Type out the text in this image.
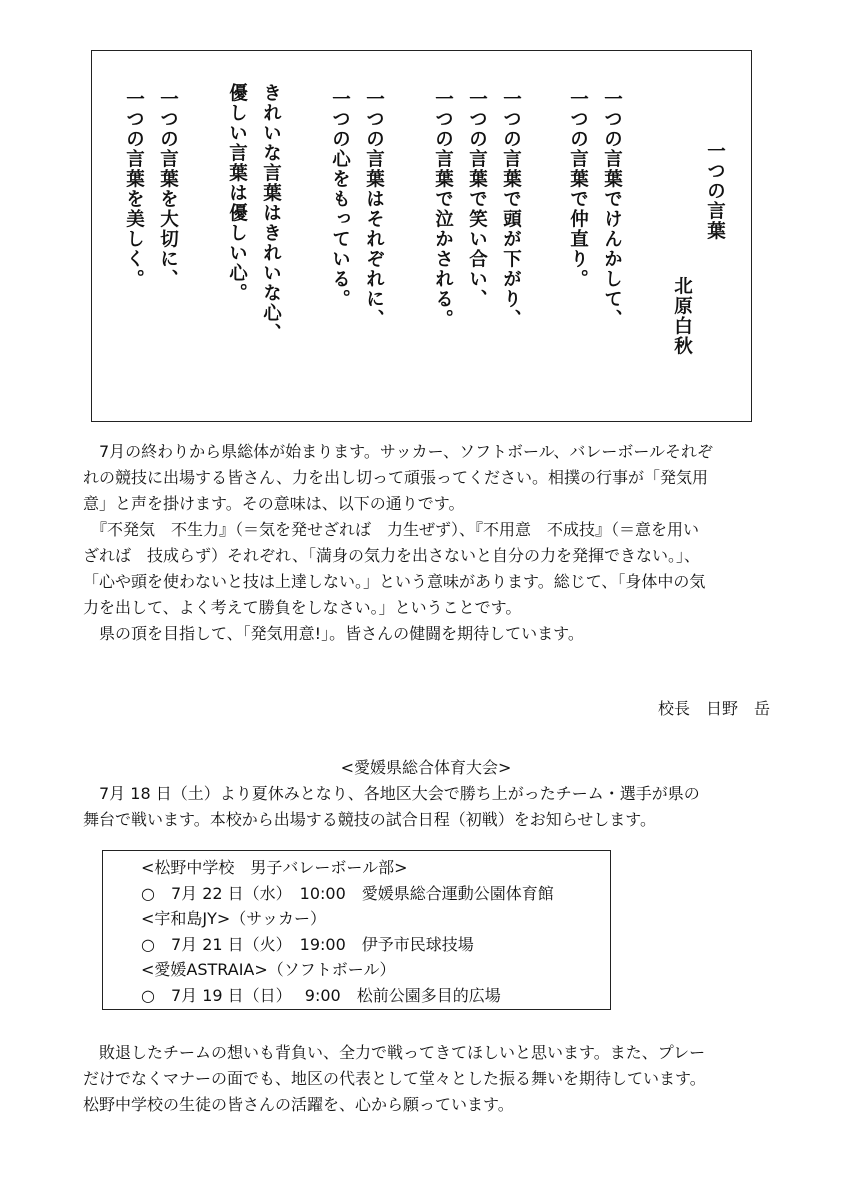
一つの言葉
北原白秋
一つの言葉でけんかして、
一つの言葉で仲直り。
一つの言葉で頭が下がり、
一つの言葉で笑い合い、
一つの言葉で泣かされる。
一つの言葉はそれぞれに、
一つの心をもっている。
きれいな言葉はきれいな心、
優しい言葉は優しい心。
一つの言葉を大切に、
一つの言葉を美しく。

　7月の終わりから県総体が始まります。サッカー、ソフトボール、バレーボールそれぞ

れの競技に出場する皆さん、力を出し切って頑張ってください。相撲の行事が「発気用

意」と声を掛けます。その意味は、以下の通りです。

　『不発気　不生力』（＝気を発せざれば　力生ぜず）、『不用意　不成技』（＝意を用い

ざれば　技成らず）それぞれ、「満身の気力を出さないと自分の力を発揮できない。」、

「心や頭を使わないと技は上達しない。」という意味があります。総じて、「身体中の気

力を出して、よく考えて勝負をしなさい。」ということです。

　県の頂を目指して、「発気用意!」。皆さんの健闘を期待しています。

校長　日野　岳
<愛媛県総合体育大会>

　7月 18 日（土）より夏休みとなり、各地区大会で勝ち上がったチーム・選手が県の

舞台で戦います。本校から出場する競技の試合日程（初戦）をお知らせします。

<松野中学校　男子バレーボール部>
○　7月 22 日（水）　10:00　愛媛県総合運動公園体育館
<宇和島JY>（サッカー）
○　7月 21 日（火）　19:00　伊予市民球技場
<愛媛ASTRAIA>（ソフトボール）
○　7月 19 日（日）　 9:00　松前公園多目的広場

　敗退したチームの想いも背負い、全力で戦ってきてほしいと思います。また、プレー

だけでなくマナーの面でも、地区の代表として堂々とした振る舞いを期待しています。

松野中学校の生徒の皆さんの活躍を、心から願っています。
